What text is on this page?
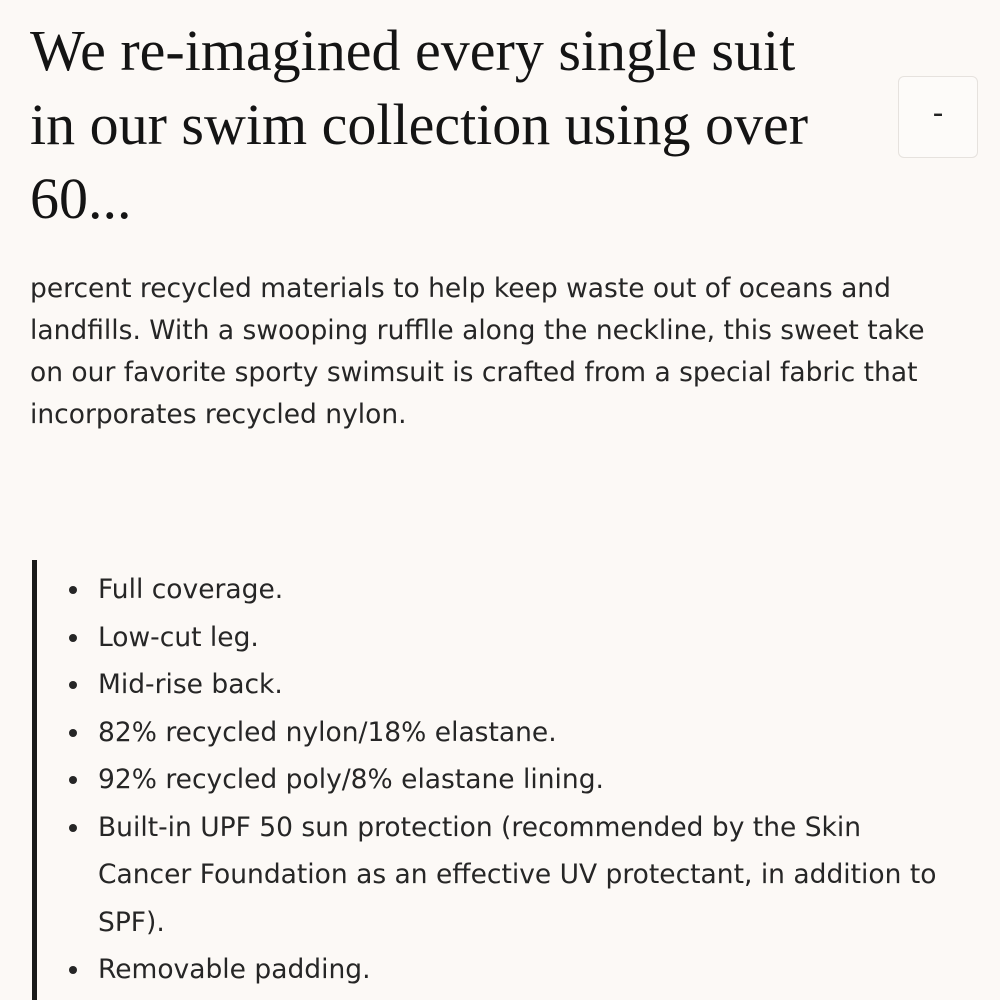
We re-imagined every single suit in our swim collection using over 60...
-

percent recycled materials to help keep waste out of oceans and landfills. With a swooping rufflle along the neckline, this sweet take on our favorite sporty swimsuit is crafted from a special fabric that incorporates recycled nylon.

Full coverage.
Low-cut leg.
Mid-rise back.
82% recycled nylon/18% elastane.
92% recycled poly/8% elastane lining.
Built-in UPF 50 sun protection (recommended by the Skin Cancer Foundation as an effective UV protectant, in addition to SPF).
Removable padding.
